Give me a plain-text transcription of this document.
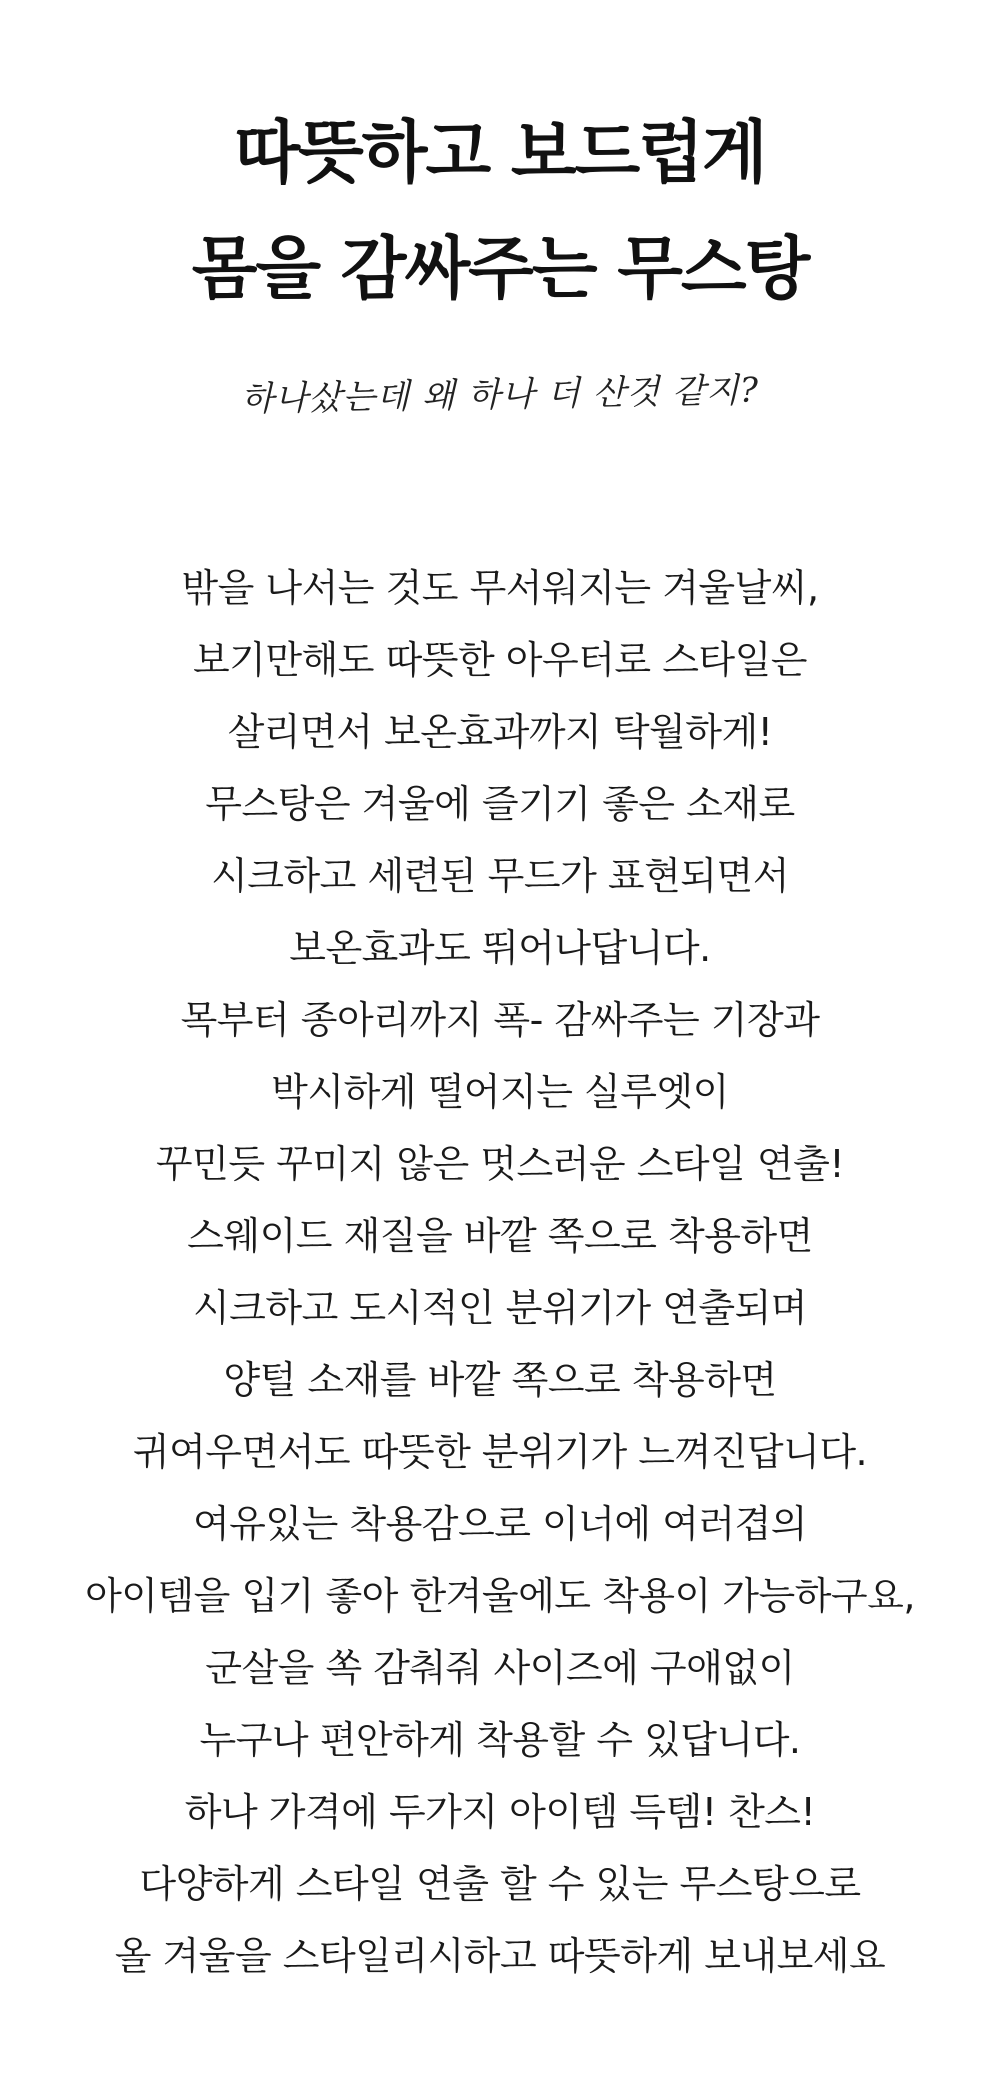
따뜻하고 보드럽게
몸을 감싸주는 무스탕

하나샀는데 왜 하나 더 산것 같지?

밖을 나서는 것도 무서워지는 겨울날씨,
보기만해도 따뜻한 아우터로 스타일은
살리면서 보온효과까지 탁월하게!
무스탕은 겨울에 즐기기 좋은 소재로
시크하고 세련된 무드가 표현되면서
보온효과도 뛰어나답니다.
목부터 종아리까지 폭- 감싸주는 기장과
박시하게 떨어지는 실루엣이
꾸민듯 꾸미지 않은 멋스러운 스타일 연출!
스웨이드 재질을 바깥 쪽으로 착용하면
시크하고 도시적인 분위기가 연출되며
양털 소재를 바깥 쪽으로 착용하면
귀여우면서도 따뜻한 분위기가 느껴진답니다.
여유있는 착용감으로 이너에 여러겹의
아이템을 입기 좋아 한겨울에도 착용이 가능하구요,
군살을 쏙 감춰줘 사이즈에 구애없이
누구나 편안하게 착용할 수 있답니다.
하나 가격에 두가지 아이템 득템! 찬스!
다양하게 스타일 연출 할 수 있는 무스탕으로
올 겨울을 스타일리시하고 따뜻하게 보내보세요
